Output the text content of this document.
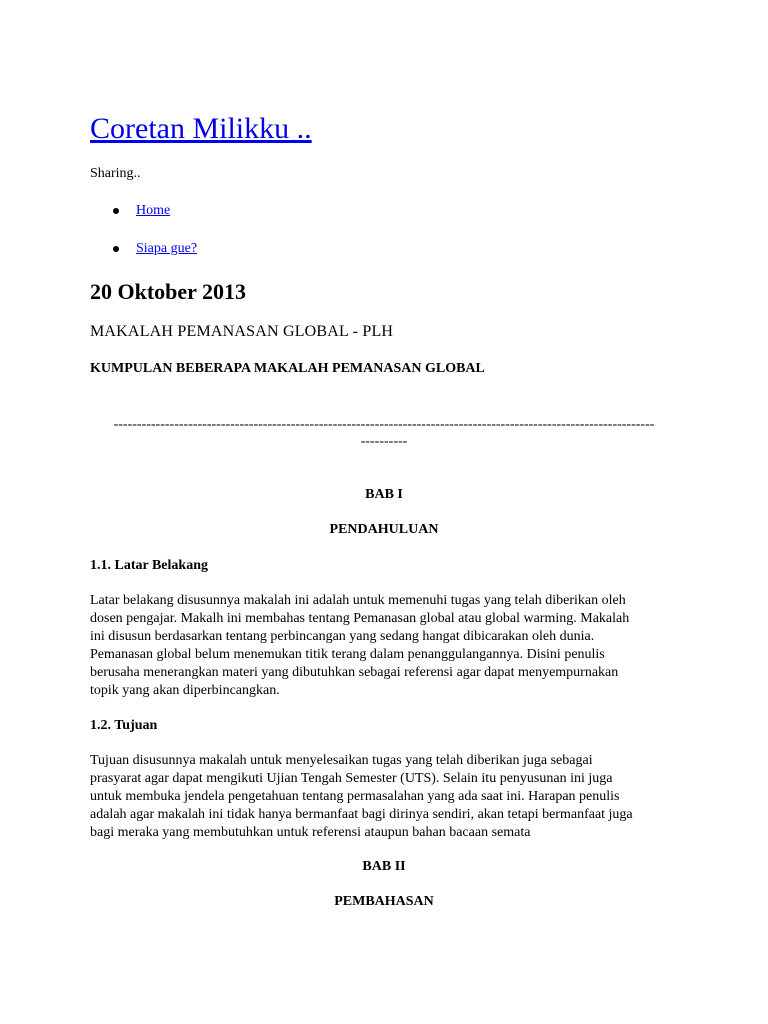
Coretan Milikku ..
Sharing..
Home
Siapa gue?
20 Oktober 2013
MAKALAH PEMANASAN GLOBAL - PLH
KUMPULAN BEBERAPA MAKALAH PEMANASAN GLOBAL
--------------------------------------------------------------------------------------------------------------------
----------
BAB I
PENDAHULUAN
1.1. Latar Belakang
Latar belakang disusunnya makalah ini adalah untuk memenuhi tugas yang telah diberikan oleh
dosen pengajar. Makalh ini membahas tentang Pemanasan global atau global warming. Makalah
ini disusun berdasarkan tentang perbincangan yang sedang hangat dibicarakan oleh dunia.
Pemanasan global belum menemukan titik terang dalam penanggulangannya. Disini penulis
berusaha menerangkan materi yang dibutuhkan sebagai referensi agar dapat menyempurnakan
topik yang akan diperbincangkan.
1.2. Tujuan
Tujuan disusunnya makalah untuk menyelesaikan tugas yang telah diberikan juga sebagai
prasyarat agar dapat mengikuti Ujian Tengah Semester (UTS). Selain itu penyusunan ini juga
untuk membuka jendela pengetahuan tentang permasalahan yang ada saat ini. Harapan penulis
adalah agar makalah ini tidak hanya bermanfaat bagi dirinya sendiri, akan tetapi bermanfaat juga
bagi meraka yang membutuhkan untuk referensi ataupun bahan bacaan semata
BAB II
PEMBAHASAN
